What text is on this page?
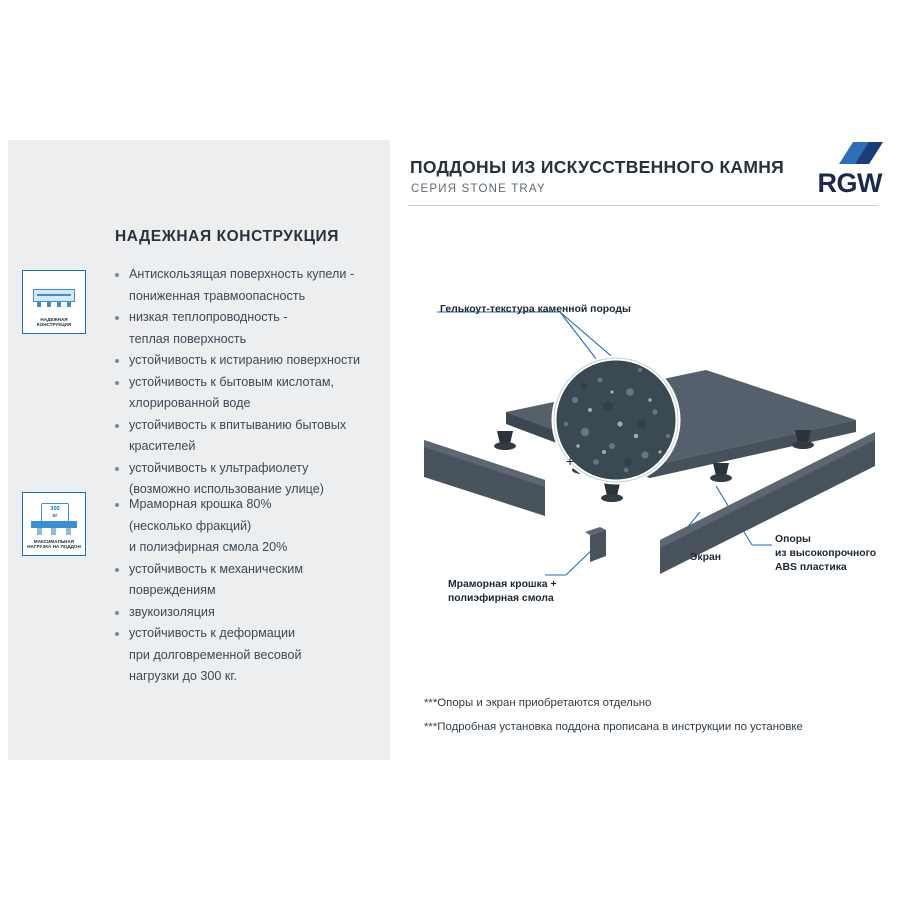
НАДЕЖНАЯ КОНСТРУКЦИЯ
НАДЕЖНАЯ
КОНСТРУКЦИЯ
300
кг
МАКСИМАЛЬНАЯ
НАГРУЗКА НА ПОДДОН
Антискользящая поверхность купели -
пониженная травмоопасность
низкая теплопроводность -
теплая поверхность
устойчивость к истиранию поверхности
устойчивость к бытовым кислотам,
хлорированной воде
устойчивость к впитыванию бытовых
красителей
устойчивость к ультрафиолету
(возможно использование улице)
Мраморная крошка 80%
(несколько фракций)
и полиэфирная смола 20%
устойчивость к механическим
повреждениям
звукоизоляция
устойчивость к деформации
при долговременной весовой
нагрузки до 300 кг.
ПОДДОНЫ ИЗ ИСКУССТВЕННОГО КАМНЯ
СЕРИЯ STONE TRAY	RGW
+
Гелькоут-текстура каменной породы
Мраморная крошка +
полиэфирная смола
Экран
Опоры
из высокопрочного
ABS пластика
***Опоры и экран приобретаются отдельно
***Подробная установка поддона прописана в инструкции по установке
